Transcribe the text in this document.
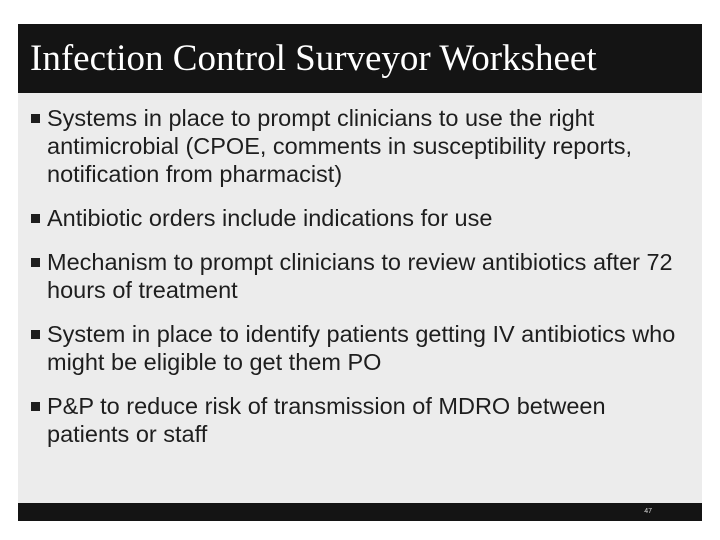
Infection Control Surveyor Worksheet
Systems in place to prompt clinicians to use the right antimicrobial (CPOE, comments in susceptibility reports, notification from pharmacist)
Antibiotic orders include indications for use
Mechanism to prompt clinicians to review antibiotics after 72 hours of treatment
System in place to identify patients getting IV antibiotics who might be eligible to get them PO
P&P to reduce risk of transmission of MDRO between patients or staff
47
